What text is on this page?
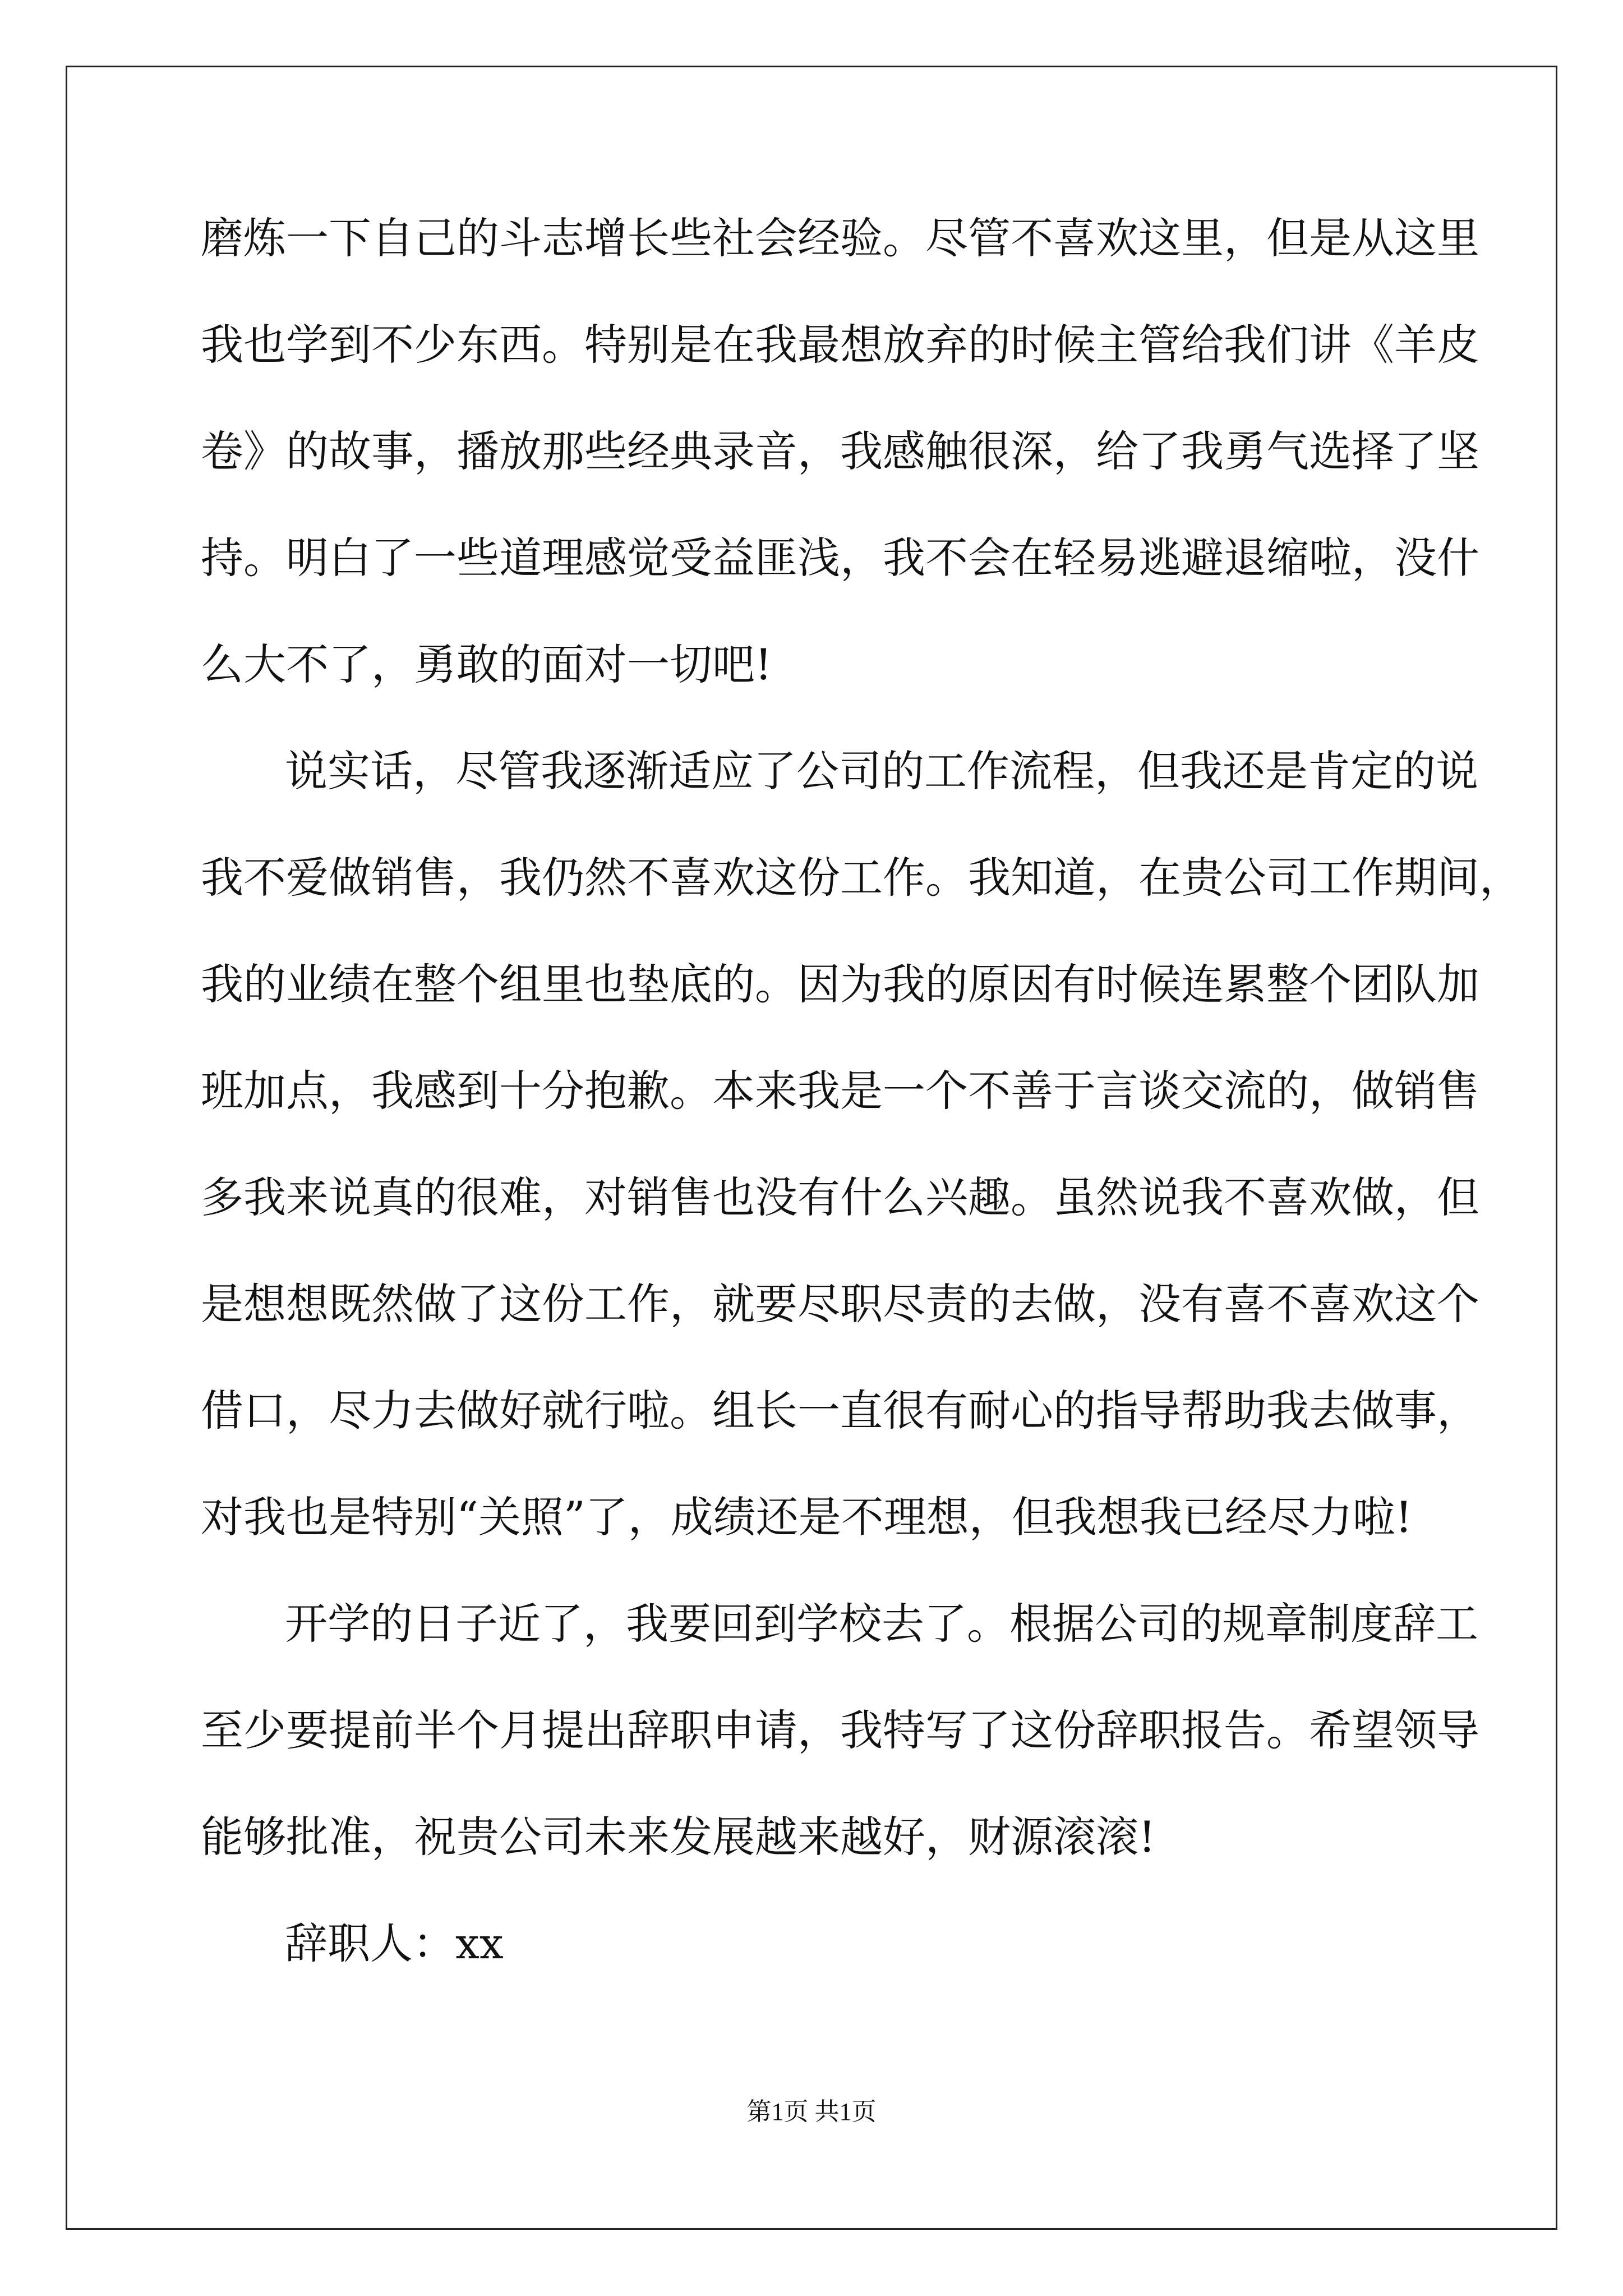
磨炼一下自己的斗志增长些社会经验。尽管不喜欢这里，但是从这里
我也学到不少东西。特别是在我最想放弃的时候主管给我们讲《羊皮
卷》的故事，播放那些经典录音，我感触很深，给了我勇气选择了坚
持。明白了一些道理感觉受益匪浅，我不会在轻易逃避退缩啦，没什
么大不了，勇敢的面对一切吧!
说实话，尽管我逐渐适应了公司的工作流程，但我还是肯定的说
我不爱做销售，我仍然不喜欢这份工作。我知道，在贵公司工作期间，
我的业绩在整个组里也垫底的。因为我的原因有时候连累整个团队加
班加点，我感到十分抱歉。本来我是一个不善于言谈交流的，做销售
多我来说真的很难，对销售也没有什么兴趣。虽然说我不喜欢做，但
是想想既然做了这份工作，就要尽职尽责的去做，没有喜不喜欢这个
借口，尽力去做好就行啦。组长一直很有耐心的指导帮助我去做事，
对我也是特别“关照”了，成绩还是不理想，但我想我已经尽力啦!
开学的日子近了，我要回到学校去了。根据公司的规章制度辞工
至少要提前半个月提出辞职申请，我特写了这份辞职报告。希望领导
能够批准，祝贵公司未来发展越来越好，财源滚滚!
辞职人：xx
第1页 共1页
